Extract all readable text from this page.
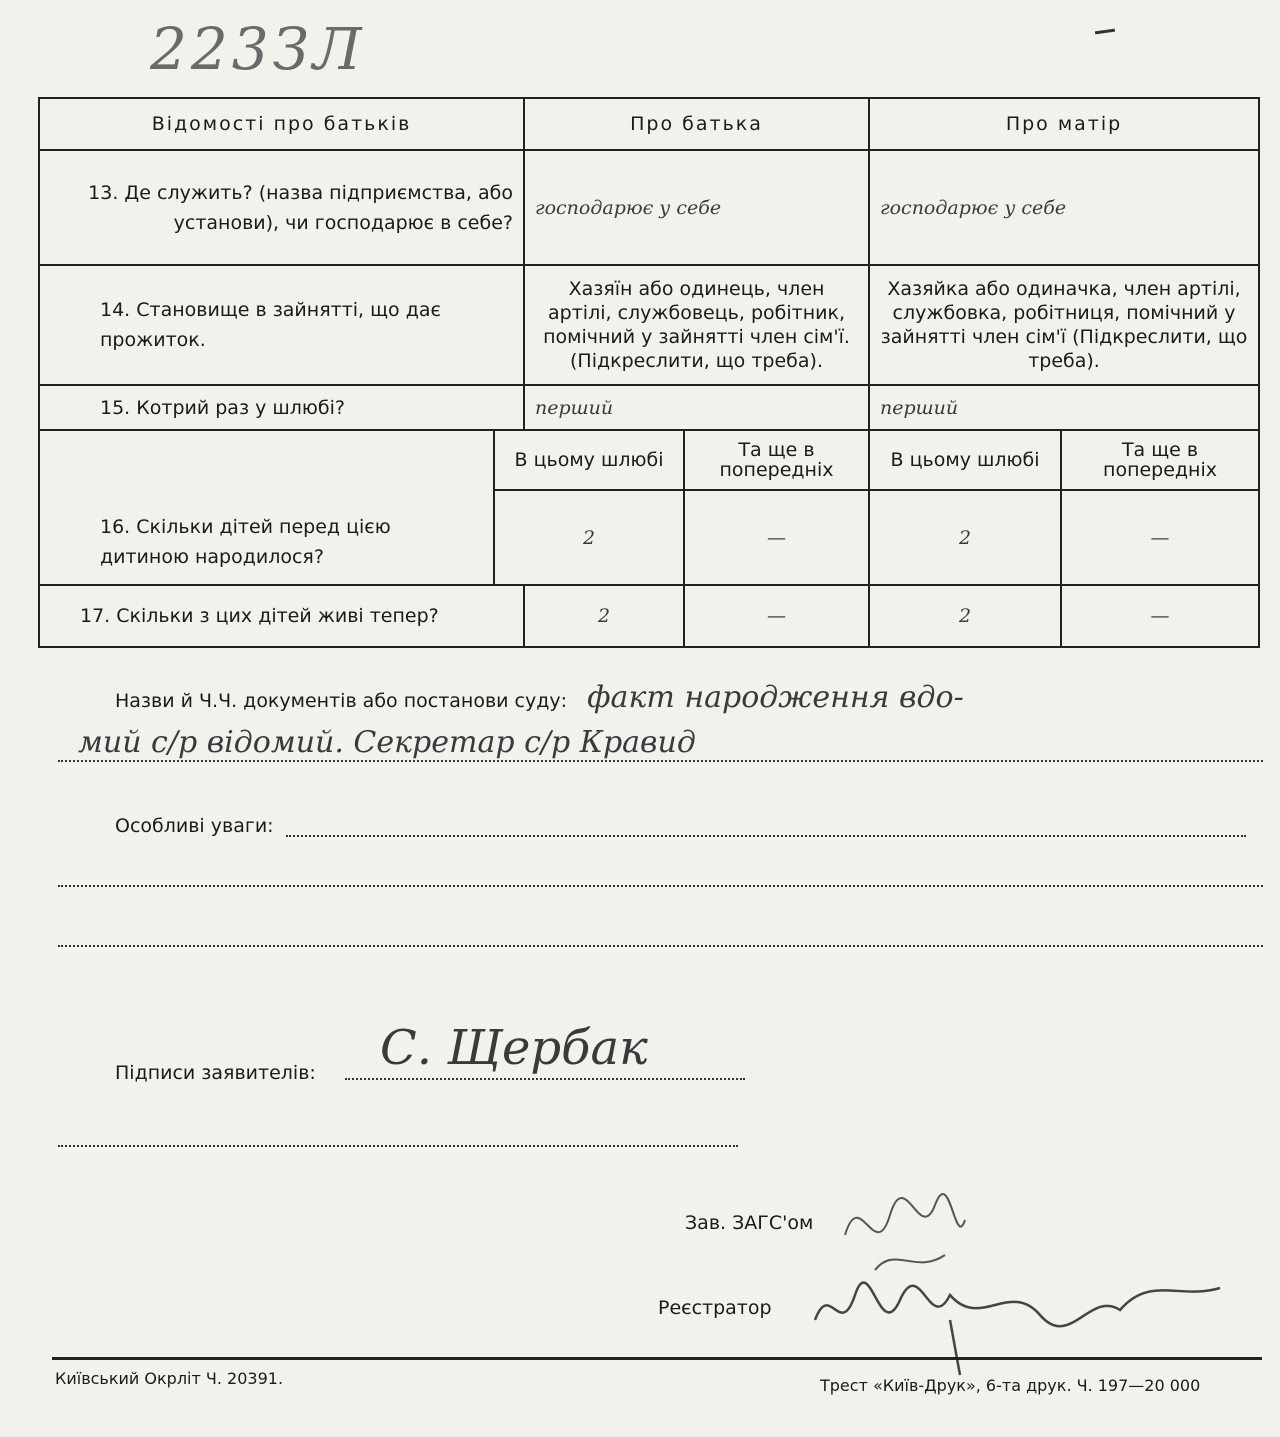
223ЗЛ
Відомості про батьків		Про батька		Про матір	
13. Де служить? (назва підприємства, або установи), чи господарює в себе?		господарює у себе		господарює у себе	
14. Становище в зайнятті, що дає прожиток.		Хазяїн або одинець, член артілі, службовець, робітник, помічний у зайнятті член сім'ї. (Підкреслити, що треба).		Хазяйка або одиначка, член артілі, службовка, робітниця, помічний у зайнятті член сім'ї (Підкреслити, що треба).	
15. Котрий раз у шлюбі?		перший		перший	
16. Скільки дітей перед цією дитиною народилося?	В цьому шлюбі		Та ще в попередніх	В цьому шлюбі	Та ще в попередніх
	2		—	2	—
17. Скільки з цих дітей живі тепер?		2	—	2	—
Назви й Ч.Ч. документів або постанови суду: факт народження вдо-
мий с/р відомий. Секретар с/р Кравид
Особливі уваги:
Підписи заявителів: С. Щербак
Зав. ЗАГС'ом
Реєстратор
Київський Окрліт Ч. 20391.	Трест «Київ-Друк», 6-та друк. Ч. 197—20 000
